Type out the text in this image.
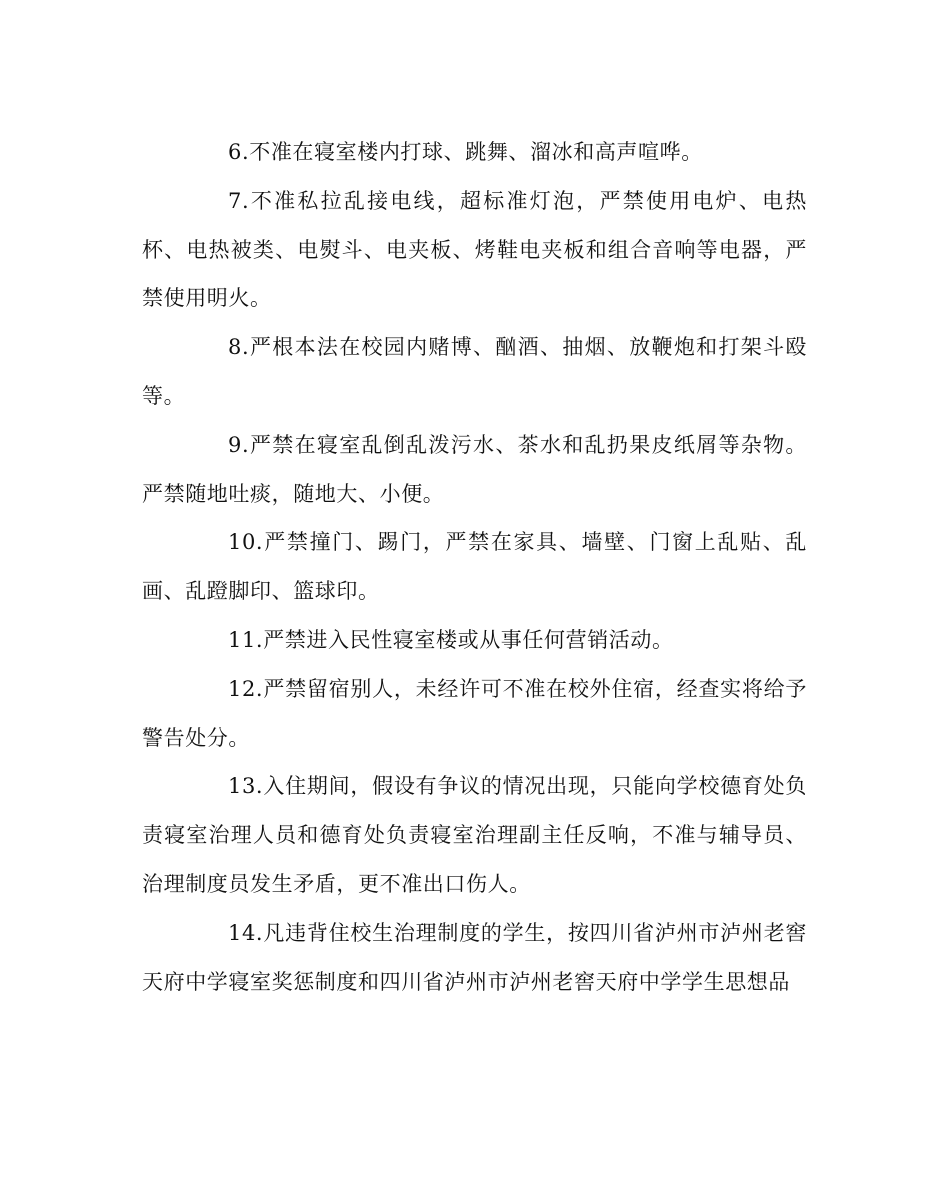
6.不准在寝室楼内打球、跳舞、溜冰和高声喧哗。

7.不准私拉乱接电线，超标准灯泡，严禁使用电炉、电热杯、电热被类、电熨斗、电夹板、烤鞋电夹板和组合音响等电器，严禁使用明火。

8.严根本法在校园内赌博、酗酒、抽烟、放鞭炮和打架斗殴等。

9.严禁在寝室乱倒乱泼污水、茶水和乱扔果皮纸屑等杂物。严禁随地吐痰，随地大、小便。

10.严禁撞门、踢门，严禁在家具、墙壁、门窗上乱贴、乱画、乱蹬脚印、篮球印。

11.严禁进入民性寝室楼或从事任何营销活动。

12.严禁留宿别人，未经许可不准在校外住宿，经查实将给予警告处分。

13.入住期间，假设有争议的情况出现，只能向学校德育处负责寝室治理人员和德育处负责寝室治理副主任反响，不准与辅导员、治理制度员发生矛盾，更不准出口伤人。

14.凡违背住校生治理制度的学生，按四川省泸州市泸州老窖天府中学寝室奖惩制度和四川省泸州市泸州老窖天府中学学生思想品
